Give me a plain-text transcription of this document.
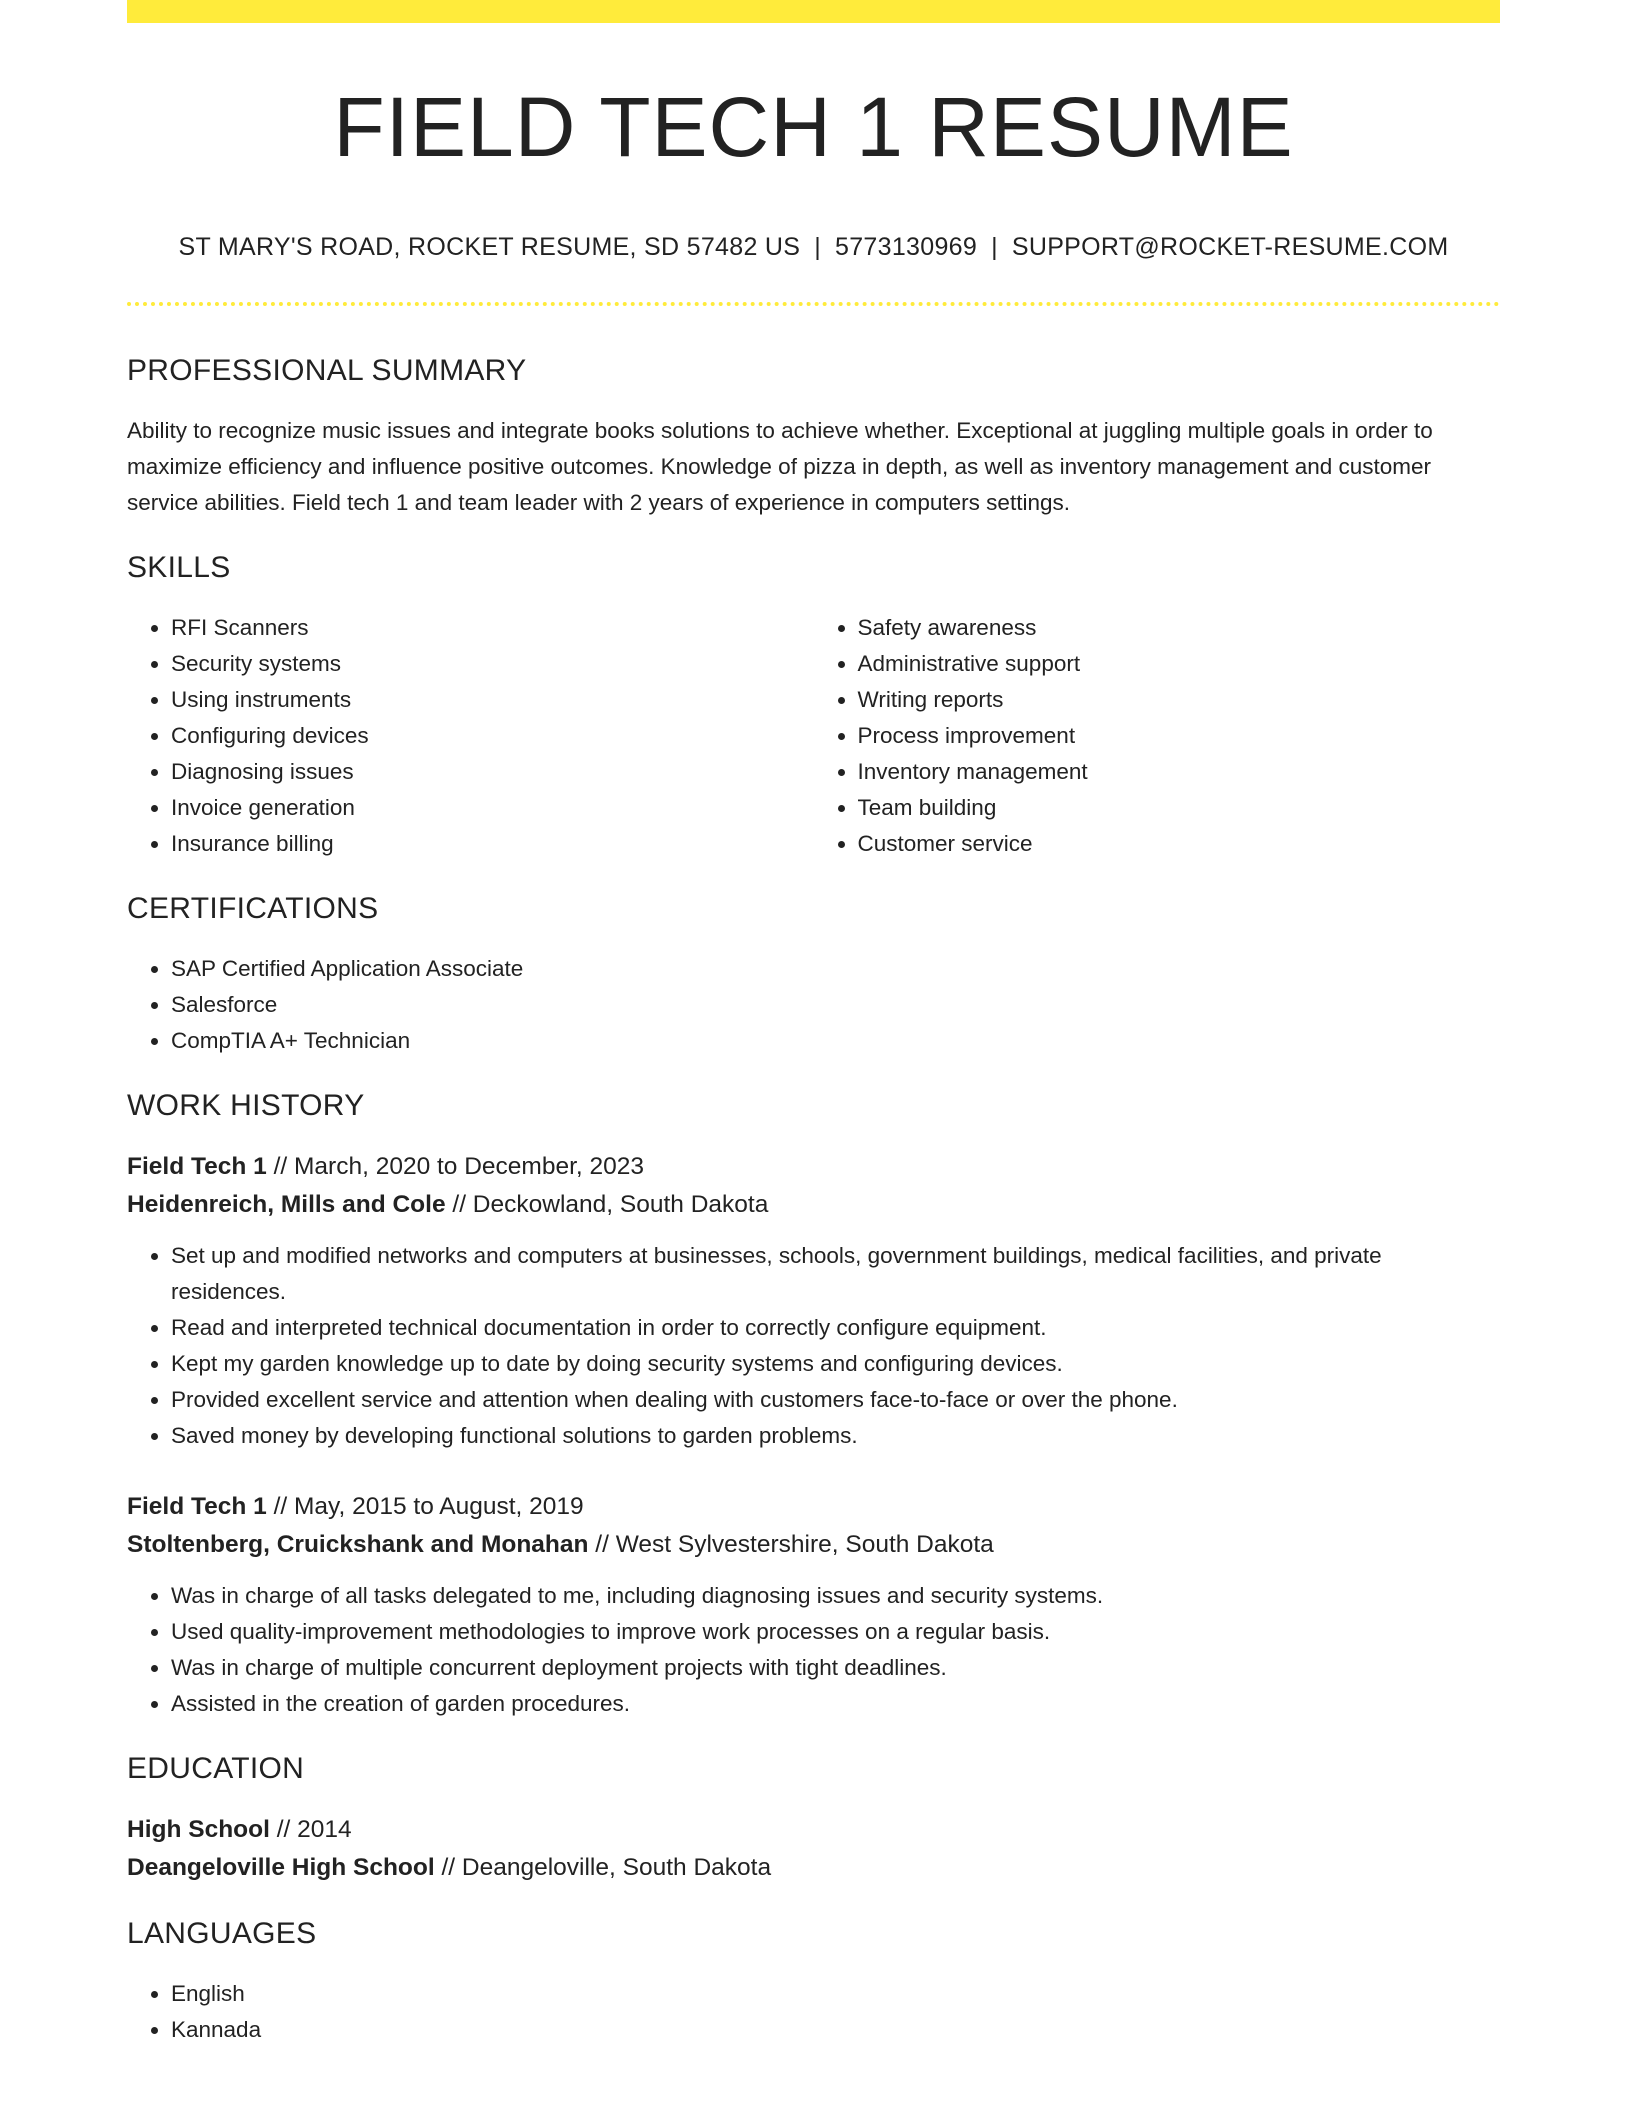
FIELD TECH 1 RESUME
ST MARY'S ROAD, ROCKET RESUME, SD 57482 US | 5773130969 | SUPPORT@ROCKET-RESUME.COM
PROFESSIONAL SUMMARY
Ability to recognize music issues and integrate books solutions to achieve whether. Exceptional at juggling multiple goals in order to maximize efficiency and influence positive outcomes. Knowledge of pizza in depth, as well as inventory management and customer service abilities. Field tech 1 and team leader with 2 years of experience in computers settings.
SKILLS
• RFI Scanners
• Security systems
• Using instruments
• Configuring devices
• Diagnosing issues
• Invoice generation
• Insurance billing
• Safety awareness
• Administrative support
• Writing reports
• Process improvement
• Inventory management
• Team building
• Customer service
CERTIFICATIONS
• SAP Certified Application Associate
• Salesforce
• CompTIA A+ Technician
WORK HISTORY
Field Tech 1 // March, 2020 to December, 2023
Heidenreich, Mills and Cole // Deckowland, South Dakota
• Set up and modified networks and computers at businesses, schools, government buildings, medical facilities, and private residences.
• Read and interpreted technical documentation in order to correctly configure equipment.
• Kept my garden knowledge up to date by doing security systems and configuring devices.
• Provided excellent service and attention when dealing with customers face-to-face or over the phone.
• Saved money by developing functional solutions to garden problems.
Field Tech 1 // May, 2015 to August, 2019
Stoltenberg, Cruickshank and Monahan // West Sylvestershire, South Dakota
• Was in charge of all tasks delegated to me, including diagnosing issues and security systems.
• Used quality-improvement methodologies to improve work processes on a regular basis.
• Was in charge of multiple concurrent deployment projects with tight deadlines.
• Assisted in the creation of garden procedures.
EDUCATION
High School // 2014
Deangeloville High School // Deangeloville, South Dakota
LANGUAGES
• English
• Kannada
